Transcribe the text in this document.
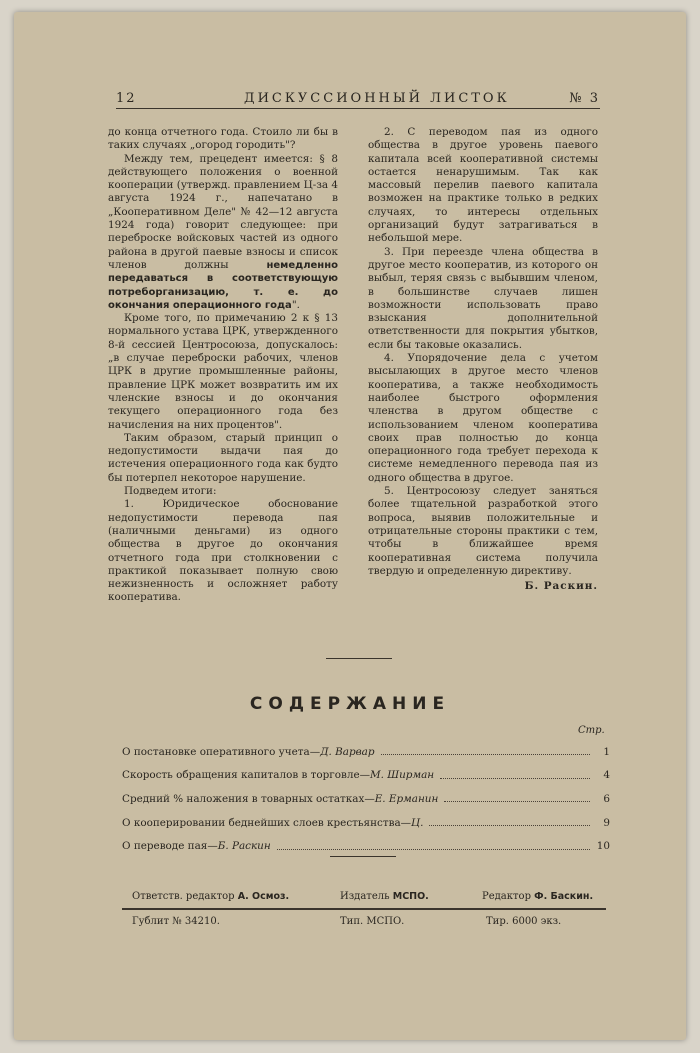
12	ДИСКУССИОННЫЙ ЛИСТОК	№ 3

до конца отчетного года. Стоило ли бы в таких случаях „огород городить"?

Между тем, прецедент имеется: § 8 действующего положения о военной кооперации (утвержд. правлением Ц-за 4 августа 1924 г., напечатано в „Кооперативном Деле" № 42—12 августа 1924 года) говорит следующее: при переброске войсковых частей из одного района в другой паевые взносы и список членов должны	немедленно передаваться в соответствующую потреборганизацию, т. е. до окончания операционного года".

Кроме того, по примечанию 2 к § 13 нормального устава ЦРК, утвержденного 8-й сессией Центросоюза, допускалось: „в случае переброски рабочих, членов ЦРК в другие промышленные районы, правление ЦРК может возвратить им их членские взносы и до окончания текущего операционного года без начисления на них процентов".

Таким образом, старый принцип о недопустимости выдачи пая до истечения операционного года как будто бы потерпел некоторое нарушение.

Подведем итоги:

1. Юридическое обоснование недопустимости перевода пая (наличными деньгами) из одного общества в другое до окончания отчетного года при столкновении с практикой показывает полную свою нежизненность и осложняет работу кооператива.

2. С переводом пая из одного общества в другое уровень паевого капитала всей кооперативной системы остается ненарушимым. Так как массовый перелив паевого капитала возможен на практике только в редких случаях, то интересы отдельных организаций будут затрагиваться в небольшой мере.

3. При переезде члена общества в другое место кооператив, из которого он выбыл, теряя связь с выбывшим членом, в большинстве случаев лишен возможности использовать право взыскания дополнительной ответственности для покрытия убытков, если бы таковые оказались.

4. Упорядочение дела с учетом высылающих в другое место членов кооператива, а также необходимость наиболее быстрого оформления членства в другом обществе с использованием членом кооператива своих прав полностью до конца операционного года требует перехода к системе немедленного перевода пая из одного общества в другое.

5. Центросоюзу следует заняться более тщательной разработкой этого вопроса, выявив положительные и отрицательные стороны практики с тем, чтобы в ближайшее время кооперативная система получила твердую и определенную директиву.

Б. Раскин.
СОДЕРЖАНИЕ
Стр.
О постановке оперативного учета— Д. Варвар	1
Скорость обращения капиталов в торговле— М. Ширман	4
Средний % наложения в товарных остатках— Е. Ерманин	6
О кооперировании беднейших слоев крестьянства— Ц.	9
О переводе пая— Б. Раскин	10
Ответств. редактор А. Осмоз.	Издатель МСПО.	Редактор Ф. Баскин.
Гублит № 34210.	Тип. МСПО.	Тир. 6000 экз.
